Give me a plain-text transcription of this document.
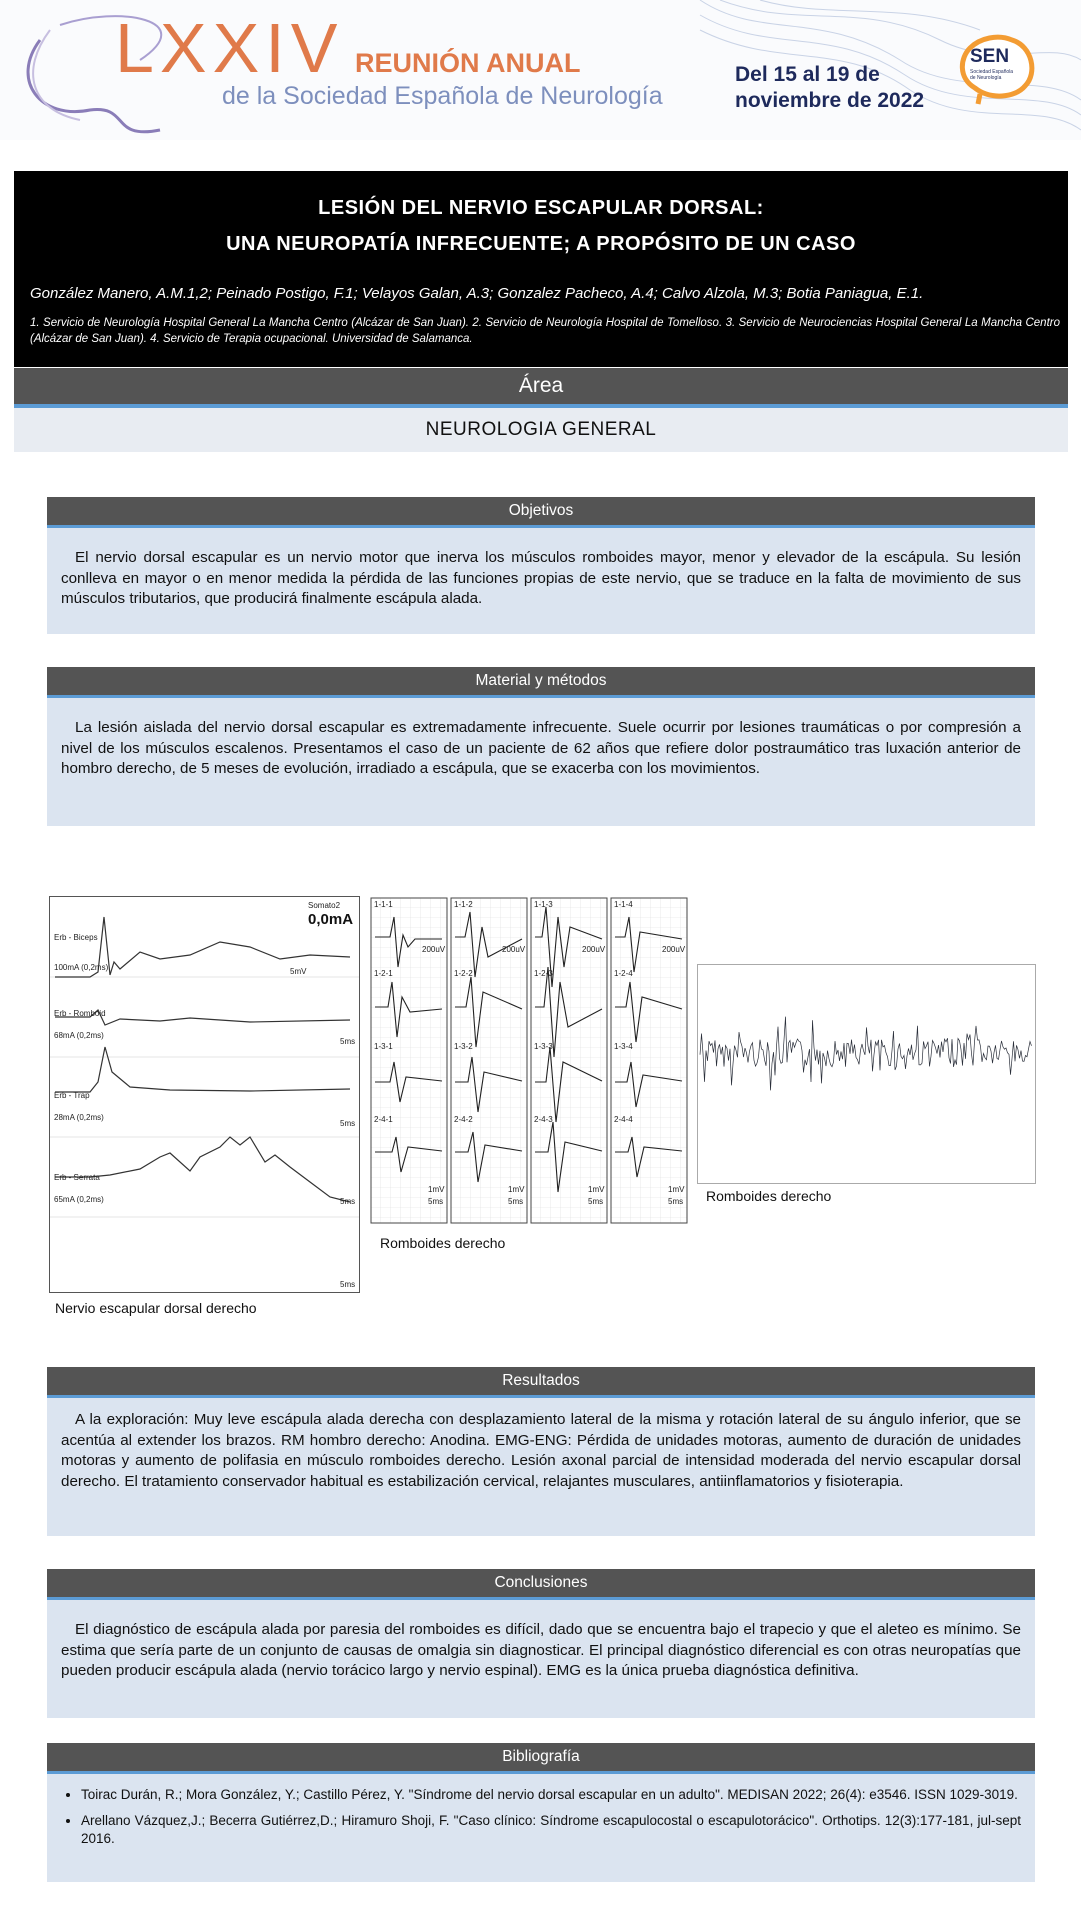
LXXIV REUNIÓN ANUAL
de la Sociedad Española de Neurología
Del 15 al 19 de
noviembre de 2022
SEN
Sociedad Española
de Neurología
LESIÓN DEL NERVIO ESCAPULAR DORSAL:
UNA NEUROPATÍA INFRECUENTE; A PROPÓSITO DE UN CASO
González Manero, A.M.1,2; Peinado Postigo, F.1; Velayos Galan, A.3; Gonzalez Pacheco, A.4; Calvo Alzola, M.3; Botia Paniagua, E.1.
1. Servicio de Neurología Hospital General La Mancha Centro (Alcázar de San Juan). 2. Servicio de Neurología Hospital de Tomelloso. 3. Servicio de Neurociencias Hospital General La Mancha Centro (Alcázar de San Juan). 4. Servicio de Terapia ocupacional. Universidad de Salamanca.
Área
NEUROLOGIA GENERAL
Objetivos

El nervio dorsal escapular es un nervio motor que inerva los músculos romboides mayor, menor y elevador de la escápula. Su lesión conlleva en mayor o en menor medida la pérdida de las funciones propias de este nervio, que se traduce en la falta de movimiento de sus músculos tributarios, que producirá finalmente escápula alada.

Material y métodos

La lesión aislada del nervio dorsal escapular es extremadamente infrecuente. Suele ocurrir por lesiones traumáticas o por compresión a nivel de los músculos escalenos. Presentamos el caso de un paciente de 62 años que refiere dolor postraumático tras luxación anterior de hombro derecho, de 5 meses de evolución, irradiado a escápula, que se exacerba con los movimientos.

Erb - Biceps
100mA (0,2ms)
Erb - Romboid
68mA (0,2ms)
Erb - Trap
28mA (0,2ms)
Erb - Serrata
65mA (0,2ms)
Somato2
0,0mA
5mV
5ms
5ms
5ms
5ms
Nervio escapular dorsal derecho
1-1-1	1-1-2	1-1-3	1-1-4
1-2-1	1-2-2	1-2-3	1-2-4
1-3-1	1-3-2	1-3-3	1-3-4
2-4-1	2-4-2	2-4-3	2-4-4
200uV	200uV	200uV	200uV
1mV
5ms
1mV
5ms
1mV
5ms
1mV
5ms
Romboides derecho
Romboides derecho
Resultados

A la exploración: Muy leve escápula alada derecha con desplazamiento lateral de la misma y rotación lateral de su ángulo inferior, que se acentúa al extender los brazos. RM hombro derecho: Anodina. EMG-ENG: Pérdida de unidades motoras, aumento de duración de unidades motoras y aumento de polifasia en músculo romboides derecho. Lesión axonal parcial de intensidad moderada del nervio escapular dorsal derecho. El tratamiento conservador habitual es estabilización cervical, relajantes musculares, antiinflamatorios y fisioterapia.

Conclusiones

El diagnóstico de escápula alada por paresia del romboides es difícil, dado que se encuentra bajo el trapecio y que el aleteo es mínimo. Se estima que sería parte de un conjunto de causas de omalgia sin diagnosticar. El principal diagnóstico diferencial es con otras neuropatías que pueden producir escápula alada (nervio torácico largo y nervio espinal). EMG es la única prueba diagnóstica definitiva.

Bibliografía
• Toirac Durán, R.; Mora González, Y.; Castillo Pérez, Y. "Síndrome del nervio dorsal escapular en un adulto". MEDISAN 2022; 26(4): e3546. ISSN 1029-3019.
• Arellano Vázquez,J.; Becerra Gutiérrez,D.; Hiramuro Shoji, F. "Caso clínico: Síndrome escapulocostal o escapulotorácico". Orthotips. 12(3):177-181, jul-sept 2016.
